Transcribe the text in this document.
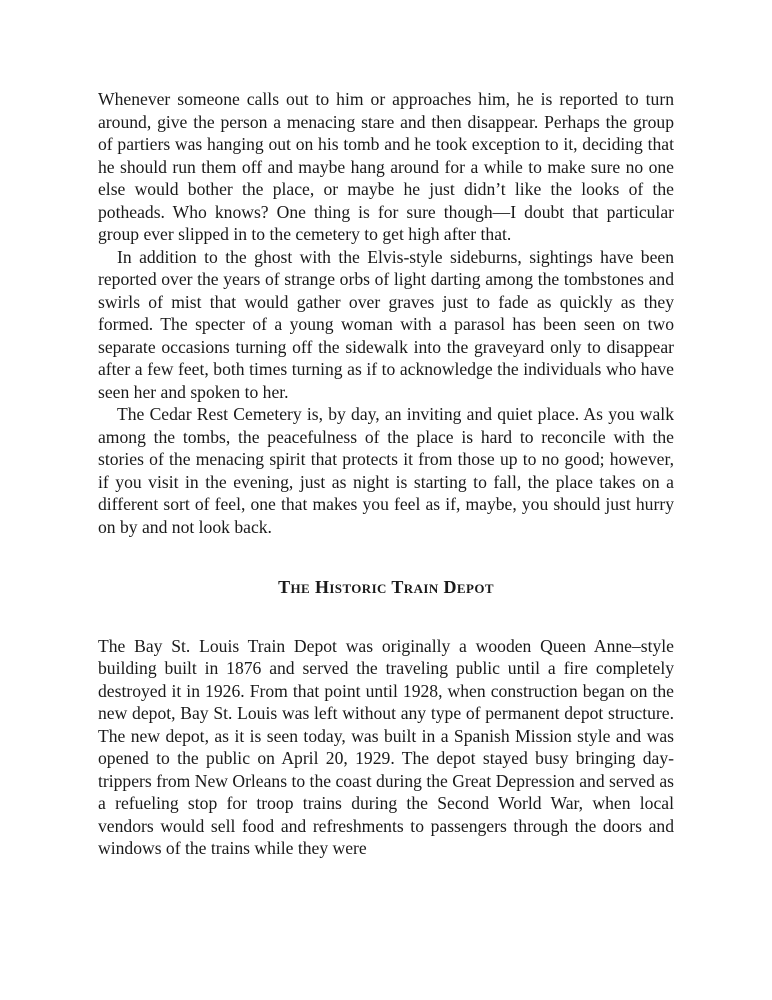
Whenever someone calls out to him or approaches him, he is reported to turn around, give the person a menacing stare and then disappear. Perhaps the group of partiers was hanging out on his tomb and he took exception to it, deciding that he should run them off and maybe hang around for a while to make sure no one else would bother the place, or maybe he just didn’t like the looks of the potheads. Who knows? One thing is for sure though—I doubt that particular group ever slipped in to the cemetery to get high after that.

In addition to the ghost with the Elvis-style sideburns, sightings have been reported over the years of strange orbs of light darting among the tombstones and swirls of mist that would gather over graves just to fade as quickly as they formed. The specter of a young woman with a parasol has been seen on two separate occasions turning off the sidewalk into the graveyard only to disappear after a few feet, both times turning as if to acknowledge the individuals who have seen her and spoken to her.

The Cedar Rest Cemetery is, by day, an inviting and quiet place. As you walk among the tombs, the peacefulness of the place is hard to reconcile with the stories of the menacing spirit that protects it from those up to no good; however, if you visit in the evening, just as night is starting to fall, the place takes on a different sort of feel, one that makes you feel as if, maybe, you should just hurry on by and not look back.

The Historic Train Depot

The Bay St. Louis Train Depot was originally a wooden Queen Anne–style building built in 1876 and served the traveling public until a fire completely destroyed it in 1926. From that point until 1928, when construction began on the new depot, Bay St. Louis was left without any type of permanent depot structure. The new depot, as it is seen today, was built in a Spanish Mission style and was opened to the public on April 20, 1929. The depot stayed busy bringing day-trippers from New Orleans to the coast during the Great Depression and served as a refueling stop for troop trains during the Second World War, when local vendors would sell food and refreshments to passengers through the doors and windows of the trains while they were
